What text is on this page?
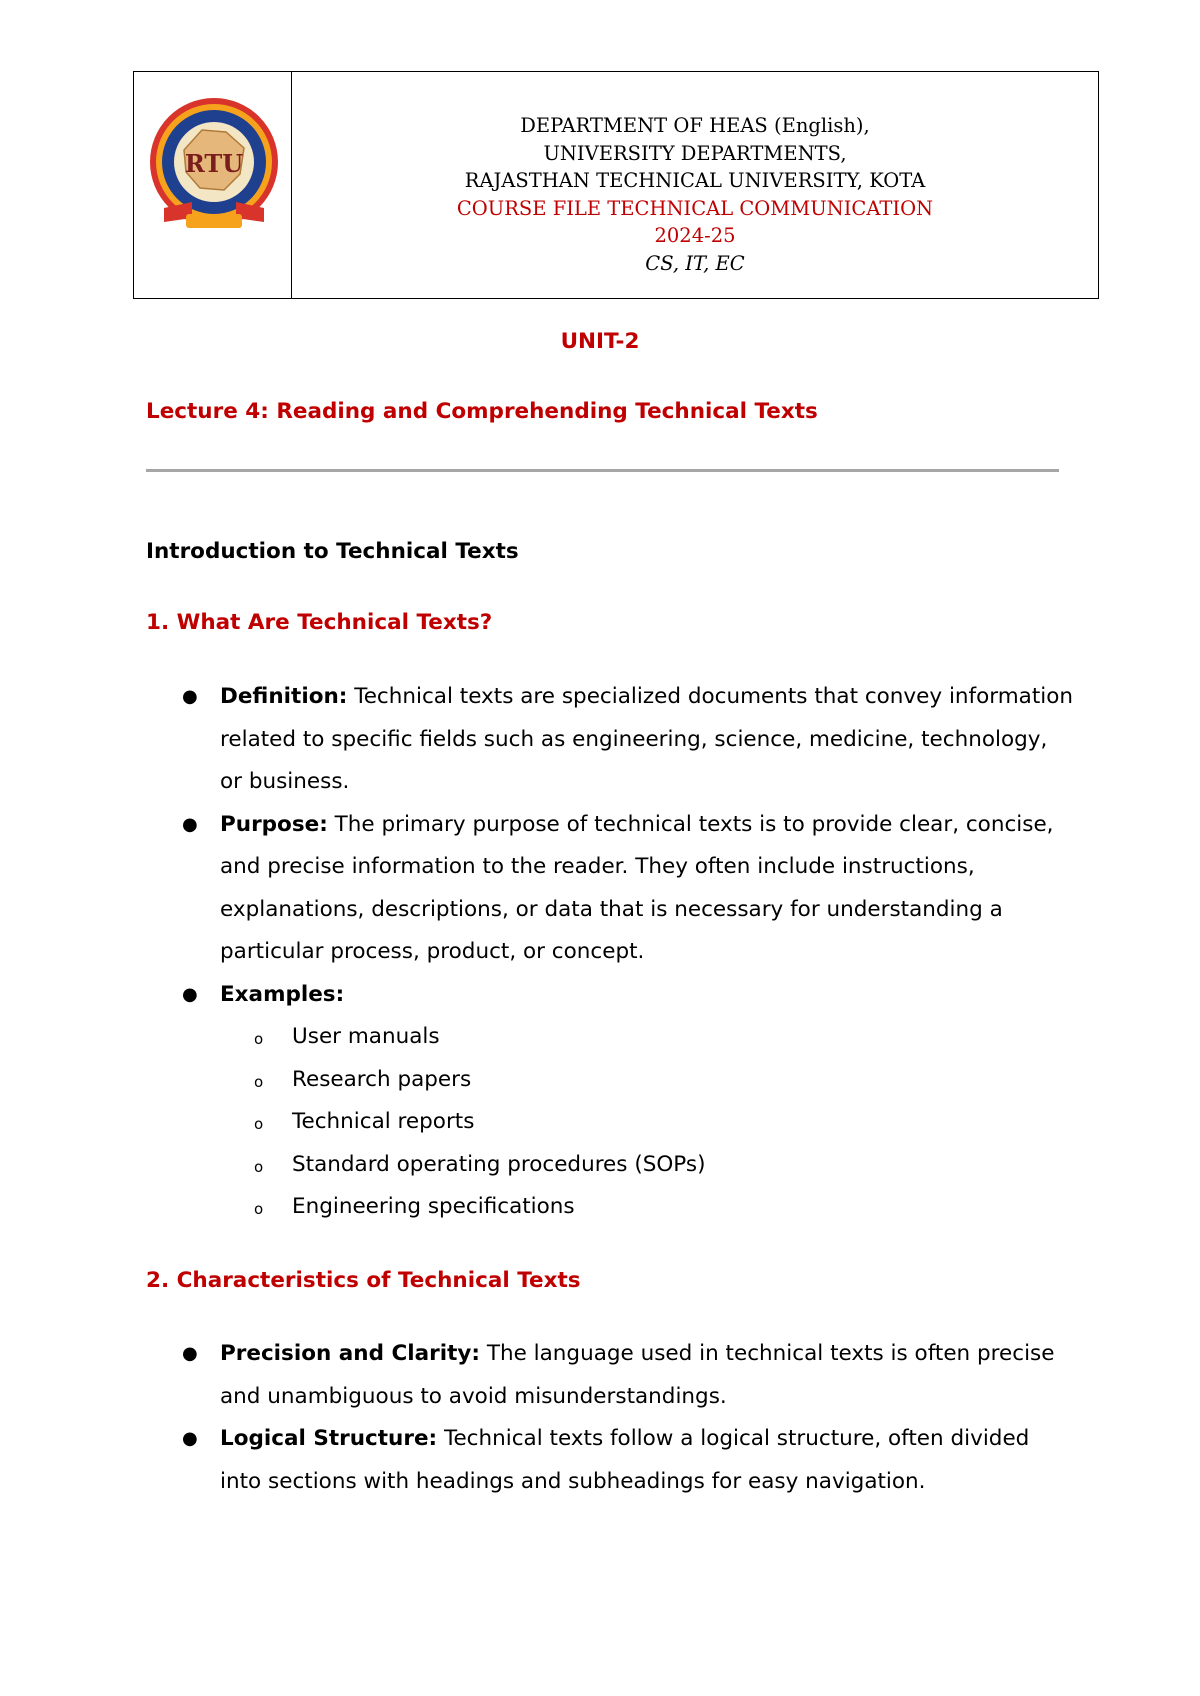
RTU
DEPARTMENT OF HEAS (English),
UNIVERSITY DEPARTMENTS,
RAJASTHAN TECHNICAL UNIVERSITY, KOTA
COURSE FILE TECHNICAL COMMUNICATION
2024-25
CS, IT, EC
UNIT-2
Lecture 4: Reading and Comprehending Technical Texts
Introduction to Technical Texts
1. What Are Technical Texts?
● Definition: Technical texts are specialized documents that convey information related to specific fields such as engineering, science, medicine, technology, or business.
● Purpose: The primary purpose of technical texts is to provide clear, concise, and precise information to the reader. They often include instructions, explanations, descriptions, or data that is necessary for understanding a particular process, product, or concept.
● Examples:
o User manuals
o Research papers
o Technical reports
o Standard operating procedures (SOPs)
o Engineering specifications
2. Characteristics of Technical Texts
● Precision and Clarity: The language used in technical texts is often precise and unambiguous to avoid misunderstandings.
● Logical Structure: Technical texts follow a logical structure, often divided into sections with headings and subheadings for easy navigation.
